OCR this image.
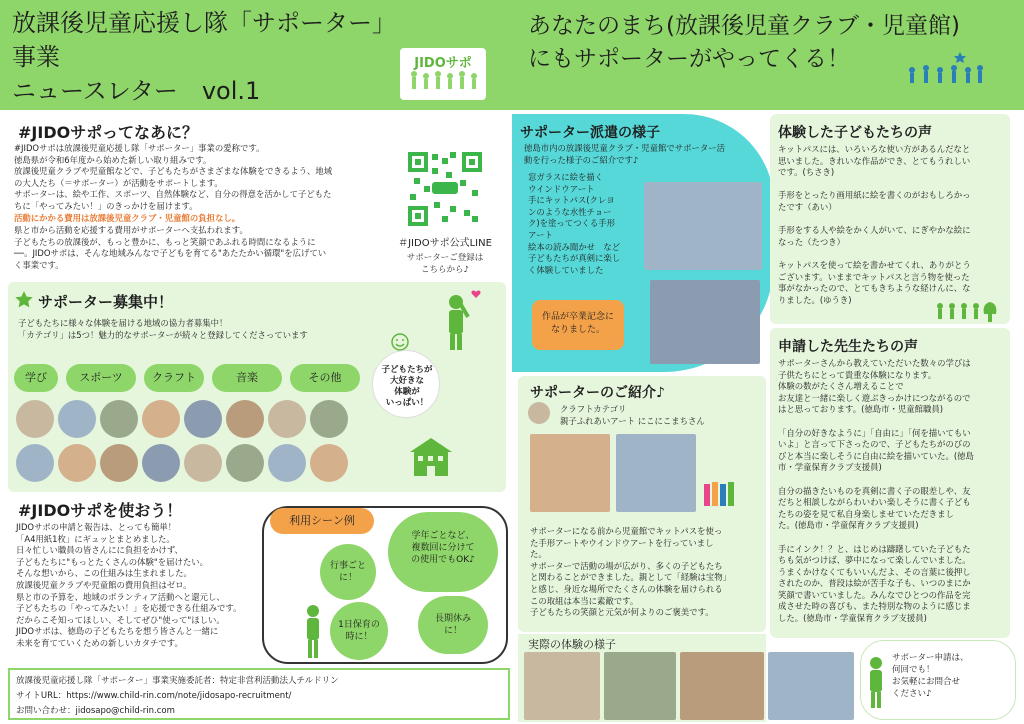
放課後児童応援し隊「サポーター」事業
ニュースレター　vol.1
JIDOサポ
あなたのまち(放課後児童クラブ・児童館)
にもサポーターがやってくる！
#JIDOサポってなあに？
#JIDOサポは放課後児童応援し隊「サポーター」事業の愛称です。
徳島県が令和6年度から始めた新しい取り組みです。
放課後児童クラブや児童館などで、子どもたちがさまざまな体験をできるよう、地域
の大人たち（＝サポーター）が活動をサポートします。
サポーターは、絵や工作、スポーツ、自然体験など、自分の得意を活かして子どもた
ちに「やってみたい！」のきっかけを届けます。
活動にかかる費用は放課後児童クラブ・児童館の負担なし。
県と市から活動を応援する費用がサポーターへ支払われます。
子どもたちの放課後が、もっと豊かに、もっと笑顔であふれる時間になるように
──。JIDOサポは、そんな地域みんなで子どもを育てる"あたたかい循環"を広げてい
く事業です。
＃JIDOサポ公式LINE
サポーターご登録は
こちらから♪
サポーター募集中！
子どもたちに様々な体験を届ける地域の協力者募集中！
「カテゴリ」は5つ！魅力的なサポーターが続々と登録してくださっています
学び	スポーツ	クラフト	音楽	その他
子どもたちが
大好きな
体験が
いっぱい！
#JIDOサポを使おう！
JIDOサポの申請と報告は、とっても簡単！
「A4用紙1枚」にギュッとまとめました。
日々忙しい職員の皆さんにに負担をかけず、
子どもたちに"もっとたくさんの体験"を届けたい。
そんな想いから、この仕組みは生まれました。
放課後児童クラブや児童館の費用負担はゼロ。
県と市の予算を、地域のボランティア活動へと還元し、
子どもたちの「やってみたい！」を応援できる仕組みです。
だからこそ知ってほしい、そしてぜひ"使って"ほしい。
JIDOサポは、徳島の子どもたちを想う皆さんと一緒に
未来を育てていくための新しいカタチです。
利用シーン例
行事ごと
に！
学年ごとなど、
複数回に分けて
の使用でもOK♪
1日保育の
時に！
長期休み
に！
放課後児童応援し隊「サポーター」事業実施委託者：特定非営利活動法人チルドリン
サイトURL：https://www.child-rin.com/note/jidosapo-recruitment/
お問い合わせ：jidosapo@child-rin.com
サポーター派遣の様子
徳島市内の放課後児童クラブ・児童館でサポーター活
動を行った様子のご紹介です♪
窓ガラスに絵を描く
ウインドウアート
手にキットパス(クレヨ
ンのような水性チョー
ク)を塗ってつくる手形
アート
絵本の読み聞かせ　など
子どもたちが真剣に楽し
く体験していました
作品が卒業記念に
なりました。
サポーターのご紹介♪
クラフトカテゴリ
親子ふれあいアート にこにこまちさん
サポーターになる前から児童館でキットパスを使っ
た手形アートやウインドウアートを行っていまし
た。
サポーターで活動の場が広がり、多くの子どもたち
と関わることができました。親として「経験は宝物」
と感じ、身近な場所でたくさんの体験を届けられる
この取組は本当に素敵です。
子どもたちの笑顔と元気が何よりのご褒美です。
実際の体験の様子
体験した子どもたちの声
キットパスには、いろいろな使い方があるんだなと
思いました。きれいな作品ができ、とてもうれしい
です。(ちさき)

手形をとったり画用紙に絵を書くのがおもしろかっ
たです（あい）

手形をする人や絵をかく人がいて、にぎやかな絵に
なった（たつき）

キットパスを使って絵を書かせてくれ、ありがとう
ございます。いままでキットパスと言う物を使った
事がなかったので、とてもきちような経けんに、な
りました。(ゆうき)
申請した先生たちの声
サポーターさんから教えていただいた数々の学びは
子供たちにとって貴重な体験になります。
体験の数がたくさん増えることで
お友達と一緒に楽しく遊ぶきっかけにつながるので
はと思っております。(徳島市・児童館職員)

「自分の好きなように」「自由に」「何を描いてもい
いよ」と言って下さったので、子どもたちがのびの
びと本当に楽しそうに自由に絵を描いていた。(徳島
市・学童保育クラブ支援員)

自分の描きたいものを真剣に書く子の眼差しや、友
だちと相談しながらわいわい楽しそうに書く子ども
たちの姿を見て私自身楽しませていただきまし
た。(徳島市・学童保育クラブ支援員)

手にインク！？と、はじめは躊躇していた子どもた
ちも気がつけば、夢中になって楽しんでいました。
うまくかけなくてもいいんだよ、その言葉に後押し
されたのか、普段は絵が苦手な子も、いつのまにか
笑顔で書いていました。みんなでひとつの作品を完
成させた時の喜びも、また特別な物のように感じま
した。(徳島市・学童保育クラブ支援員)
サポーター申請は、
何回でも！
お気軽にお問合せ
ください♪
